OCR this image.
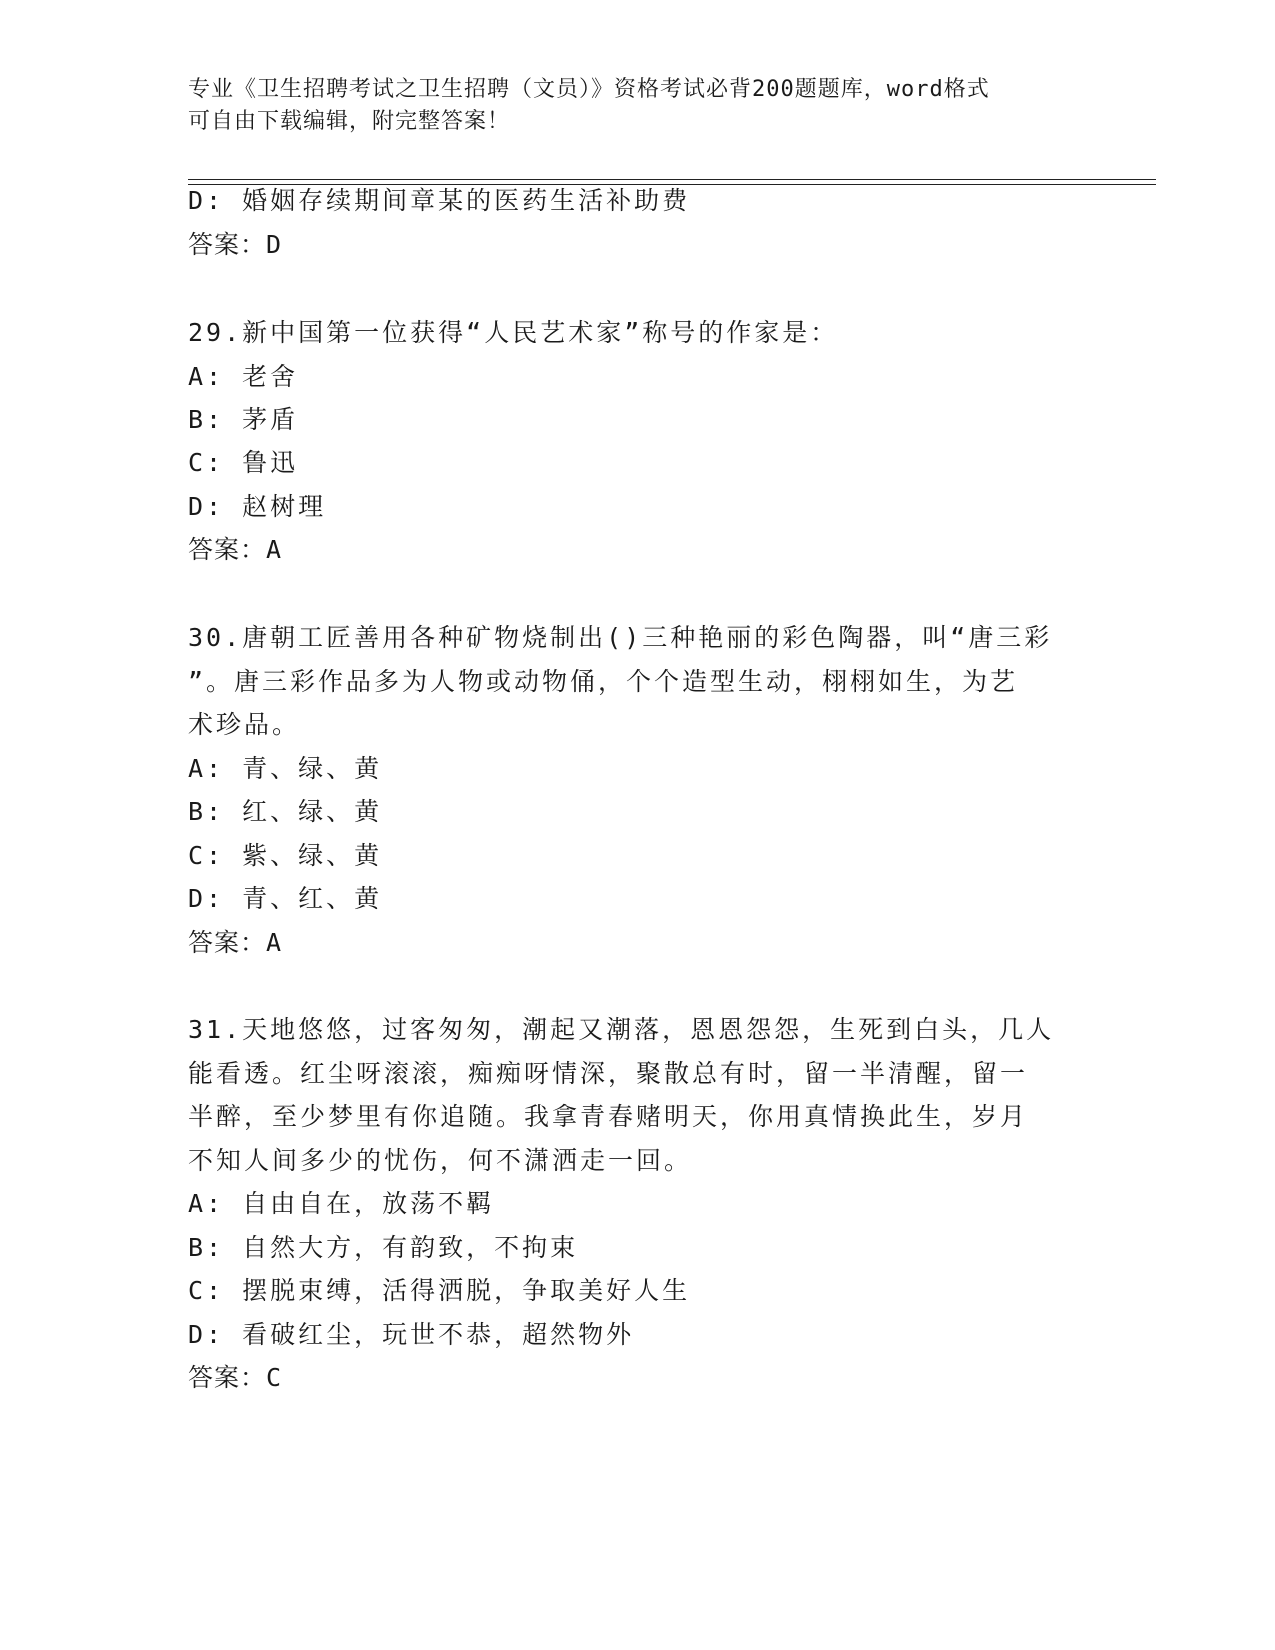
专业《卫生招聘考试之卫生招聘（文员）》资格考试必背200题题库，word格式

可自由下载编辑，附完整答案！

D: 婚姻存续期间章某的医药生活补助费
答案：D
29.新中国第一位获得“人民艺术家”称号的作家是：
A: 老舍
B: 茅盾
C: 鲁迅
D: 赵树理
答案：A
30.唐朝工匠善用各种矿物烧制出()三种艳丽的彩色陶器，叫“唐三彩
”。唐三彩作品多为人物或动物俑，个个造型生动，栩栩如生，为艺
术珍品。
A: 青、绿、黄
B: 红、绿、黄
C: 紫、绿、黄
D: 青、红、黄
答案：A
31.天地悠悠，过客匆匆，潮起又潮落，恩恩怨怨，生死到白头，几人
能看透。红尘呀滚滚，痴痴呀情深，聚散总有时，留一半清醒，留一
半醉，至少梦里有你追随。我拿青春赌明天，你用真情换此生，岁月
不知人间多少的忧伤，何不潇洒走一回。
A: 自由自在，放荡不羁
B: 自然大方，有韵致，不拘束
C: 摆脱束缚，活得洒脱，争取美好人生
D: 看破红尘，玩世不恭，超然物外
答案：C
